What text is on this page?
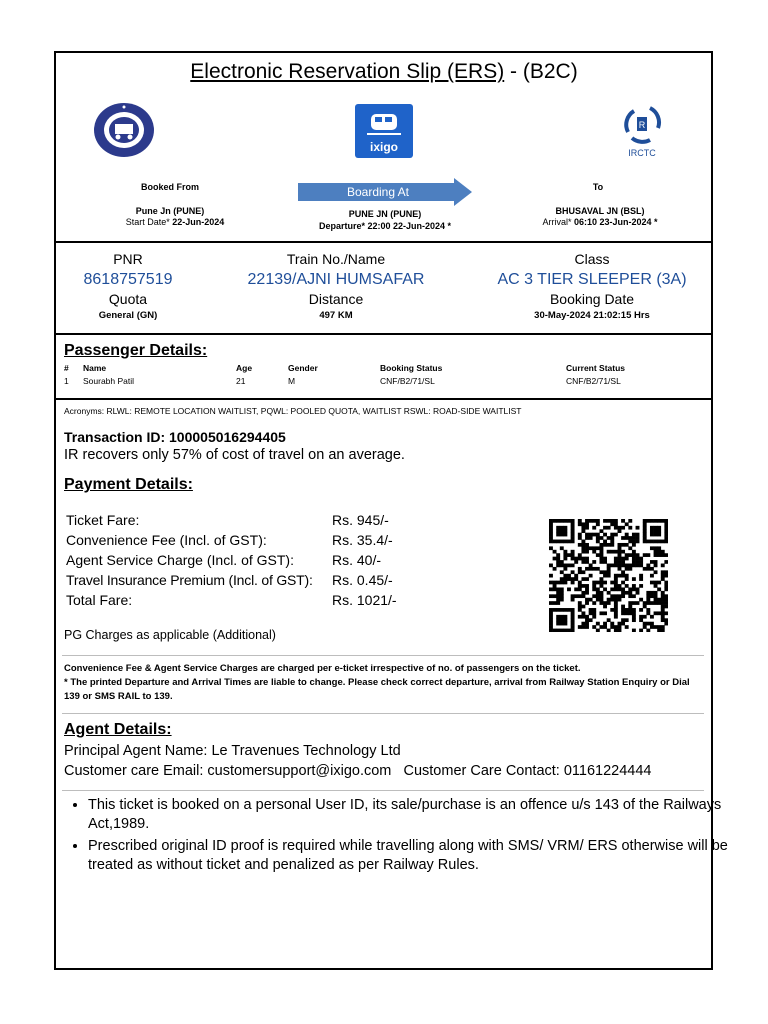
Electronic Reservation Slip (ERS) - (B2C)
ixigo
R
IRCTC
Booked From	Boarding At	To
Pune Jn (PUNE)
Start Date* 22-Jun-2024
PUNE JN (PUNE)
Departure* 22:00 22-Jun-2024 *
BHUSAVAL JN (BSL)
Arrival* 06:10 23-Jun-2024 *
PNR
8618757519
Quota
General (GN)
Train No./Name
22139/AJNI HUMSAFAR
Distance
497 KM
Class
AC 3 TIER SLEEPER (3A)
Booking Date
30-May-2024 21:02:15 Hrs
Passenger Details:
# Name	Age	Gender	Booking Status	Current Status
1 Sourabh Patil	21	M	CNF/B2/71/SL	CNF/B2/71/SL
Acronyms: RLWL: REMOTE LOCATION WAITLIST, PQWL: POOLED QUOTA, WAITLIST RSWL: ROAD-SIDE WAITLIST
Transaction ID: 100005016294405
IR recovers only 57% of cost of travel on an average.
Payment Details:
Ticket Fare:	Rs. 945/-
Convenience Fee (Incl. of GST):	Rs. 35.4/-
Agent Service Charge (Incl. of GST):	Rs. 40/-
Travel Insurance Premium (Incl. of GST): Rs. 0.45/-
Total Fare:	Rs. 1021/-
PG Charges as applicable (Additional)
Convenience Fee & Agent Service Charges are charged per e-ticket irrespective of no. of passengers on the ticket.
* The printed Departure and Arrival Times are liable to change. Please check correct departure, arrival from Railway Station Enquiry or Dial 139 or SMS RAIL to 139.
Agent Details:
Principal Agent Name: Le Travenues Technology Ltd
Customer care Email: customersupport@ixigo.com Customer Care Contact: 01161224444
• This ticket is booked on a personal User ID, its sale/purchase is an offence u/s 143 of the Railways Act,1989.
• Prescribed original ID proof is required while travelling along with SMS/ VRM/ ERS otherwise will be treated as without ticket and penalized as per Railway Rules.
